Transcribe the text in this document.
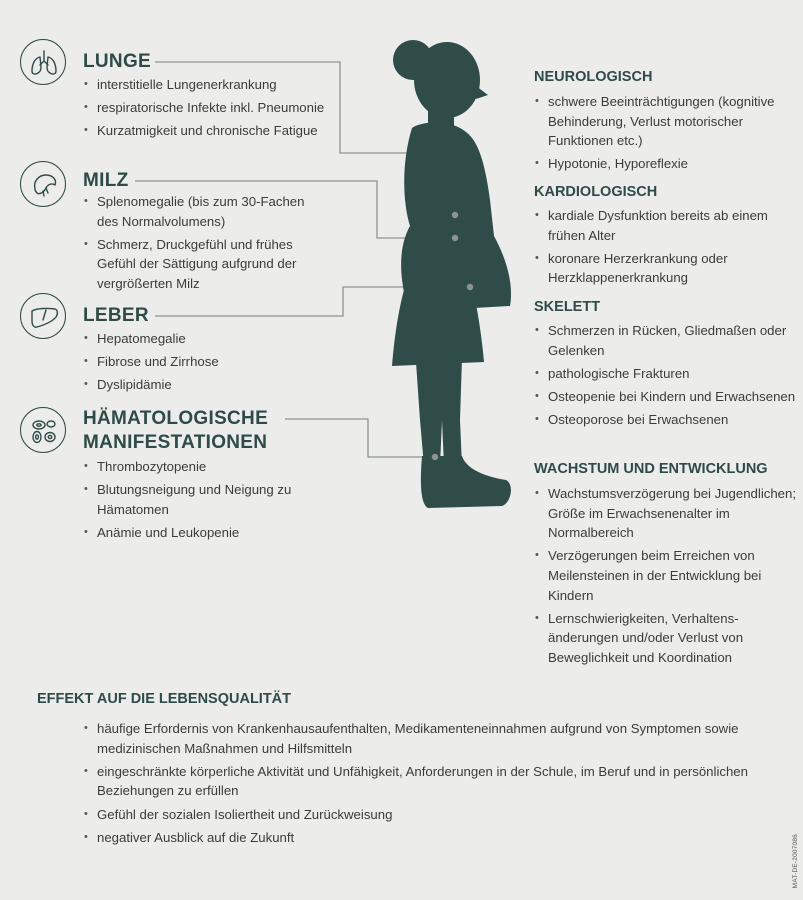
LUNGE
• interstitielle Lungenerkrankung
• respiratorische Infekte inkl. Pneumonie
• Kurzatmigkeit und chronische Fatigue
MILZ
• Splenomegalie (bis zum 30-Fachen des Normalvolumens)
• Schmerz, Druckgefühl und frühes Gefühl der Sättigung aufgrund der vergrößerten Milz
LEBER
• Hepatomegalie
• Fibrose und Zirrhose
• Dyslipidämie
HÄMATOLOGISCHE
MANIFESTATIONEN
• Thrombozytopenie
• Blutungsneigung und Neigung zu Hämatomen
• Anämie und Leukopenie
NEUROLOGISCH
• schwere Beeinträchtigungen (kognitive Behinderung, Verlust motorischer Funktionen etc.)
• Hypotonie, Hyporeflexie
KARDIOLOGISCH
• kardiale Dysfunktion bereits ab einem frühen Alter
• koronare Herzerkrankung oder Herzklappenerkrankung
SKELETT
• Schmerzen in Rücken, Gliedmaßen oder Gelenken
• pathologische Frakturen
• Osteopenie bei Kindern und Erwachsenen
• Osteoporose bei Erwachsenen
WACHSTUM UND ENTWICKLUNG
• Wachstumsverzögerung bei Jugendlichen; Größe im Erwachsenenalter im Normalbereich
• Verzögerungen beim Erreichen von Meilensteinen in der Entwicklung bei Kindern
• Lernschwierigkeiten, Verhaltens-änderungen und/oder Verlust von Beweglichkeit und Koordination
EFFEKT AUF DIE LEBENSQUALITÄT
• häufige Erfordernis von Krankenhausaufenthalten, Medikamenteneinnahmen aufgrund von Symptomen sowie medizinischen Maßnahmen und Hilfsmitteln
• eingeschränkte körperliche Aktivität und Unfähigkeit, Anforderungen in der Schule, im Beruf und in persönlichen Beziehungen zu erfüllen
• Gefühl der sozialen Isoliertheit und Zurückweisung
• negativer Ausblick auf die Zukunft	MAT-DE-2007086
